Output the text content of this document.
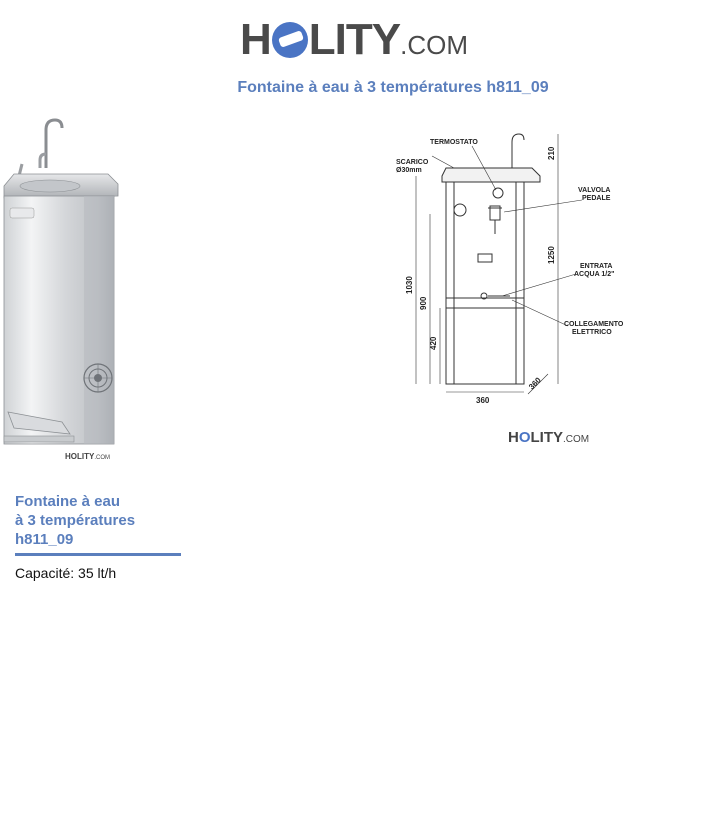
H LITY.COM
Fontaine à eau à 3 températures h811_09
HOLITY.COM
TERMOSTATO
SCARICO
Ø30mm
VALVOLA
PEDALE
ENTRATA
ACQUA 1/2"
COLLEGAMENTO
ELETTRICO
210
1250
1030
900
420
360
360
HOLITY.COM
Fontaine à eau
à 3 températures
h811_09
Capacité: 35 lt/h
